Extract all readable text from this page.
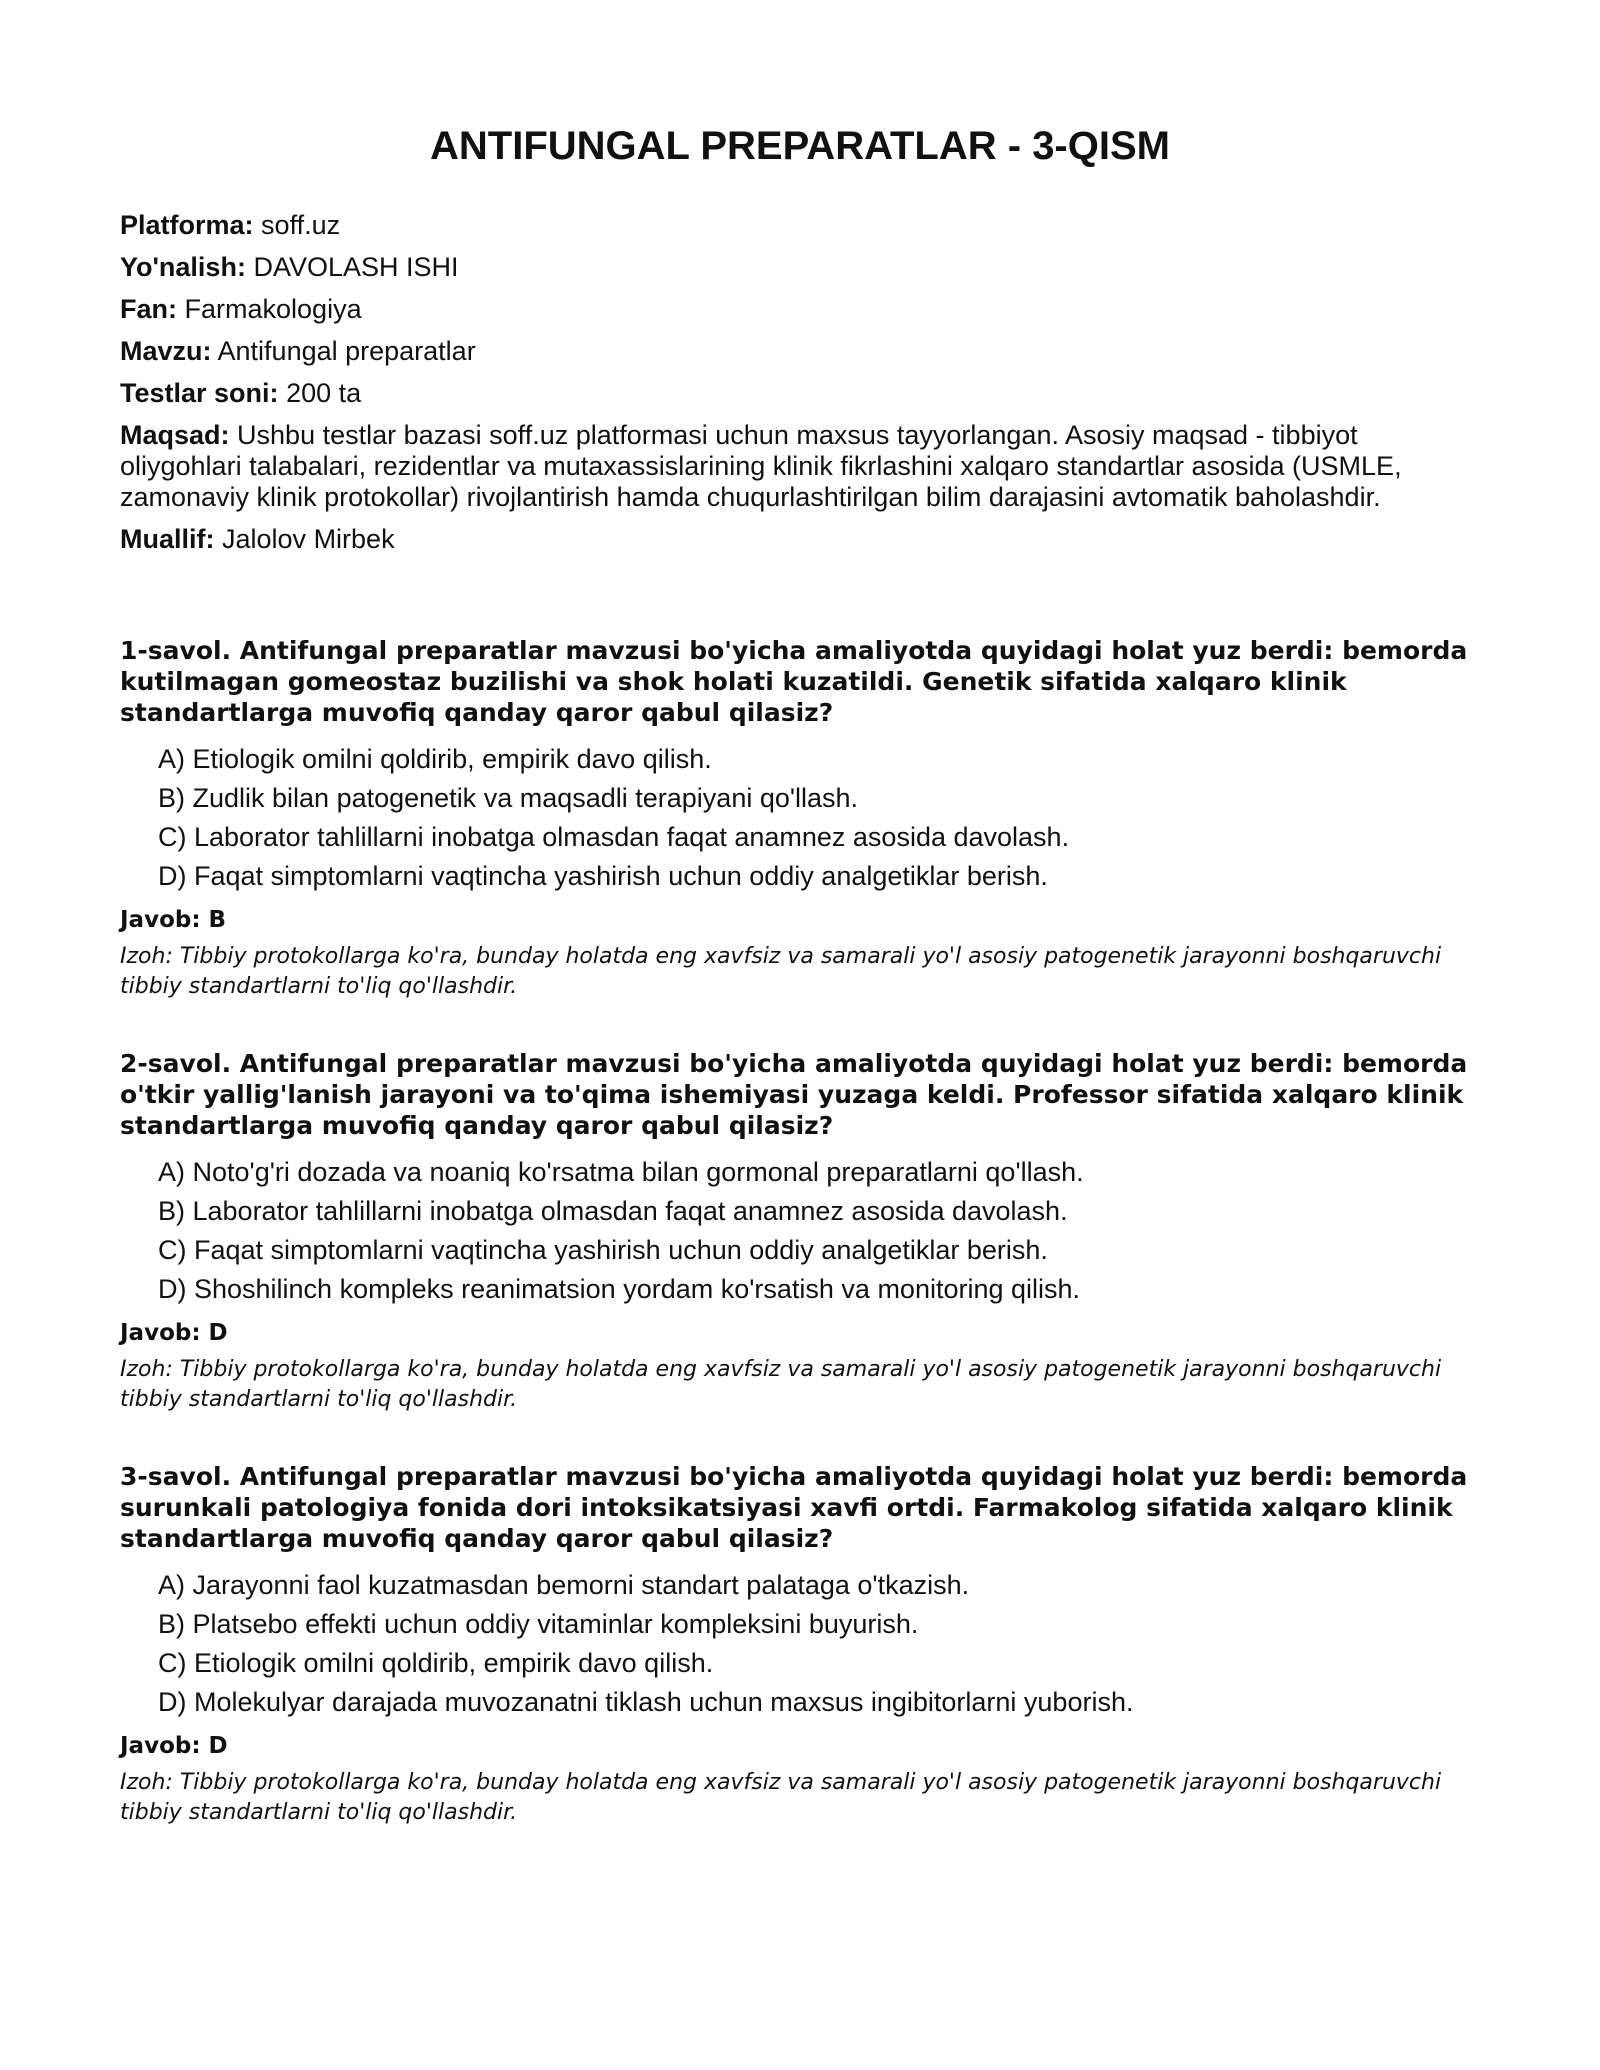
ANTIFUNGAL PREPARATLAR - 3-QISM

Platforma: soff.uz

Yo'nalish: DAVOLASH ISHI

Fan: Farmakologiya

Mavzu: Antifungal preparatlar

Testlar soni: 200 ta

Maqsad: Ushbu testlar bazasi soff.uz platformasi uchun maxsus tayyorlangan. Asosiy maqsad - tibbiyot oliygohlari talabalari, rezidentlar va mutaxassislarining klinik fikrlashini xalqaro standartlar asosida (USMLE, zamonaviy klinik protokollar) rivojlantirish hamda chuqurlashtirilgan bilim darajasini avtomatik baholashdir.

Muallif: Jalolov Mirbek

1-savol. Antifungal preparatlar mavzusi bo'yicha amaliyotda quyidagi holat yuz berdi: bemorda kutilmagan gomeostaz buzilishi va shok holati kuzatildi. Genetik sifatida xalqaro klinik standartlarga muvofiq qanday qaror qabul qilasiz?

A) Etiologik omilni qoldirib, empirik davo qilish.
B) Zudlik bilan patogenetik va maqsadli terapiyani qo'llash.
C) Laborator tahlillarni inobatga olmasdan faqat anamnez asosida davolash.
D) Faqat simptomlarni vaqtincha yashirish uchun oddiy analgetiklar berish.

Javob: B

Izoh: Tibbiy protokollarga ko'ra, bunday holatda eng xavfsiz va samarali yo'l asosiy patogenetik jarayonni boshqaruvchi tibbiy standartlarni to'liq qo'llashdir.

2-savol. Antifungal preparatlar mavzusi bo'yicha amaliyotda quyidagi holat yuz berdi: bemorda o'tkir yallig'lanish jarayoni va to'qima ishemiyasi yuzaga keldi. Professor sifatida xalqaro klinik standartlarga muvofiq qanday qaror qabul qilasiz?

A) Noto'g'ri dozada va noaniq ko'rsatma bilan gormonal preparatlarni qo'llash.
B) Laborator tahlillarni inobatga olmasdan faqat anamnez asosida davolash.
C) Faqat simptomlarni vaqtincha yashirish uchun oddiy analgetiklar berish.
D) Shoshilinch kompleks reanimatsion yordam ko'rsatish va monitoring qilish.

Javob: D

Izoh: Tibbiy protokollarga ko'ra, bunday holatda eng xavfsiz va samarali yo'l asosiy patogenetik jarayonni boshqaruvchi tibbiy standartlarni to'liq qo'llashdir.

3-savol. Antifungal preparatlar mavzusi bo'yicha amaliyotda quyidagi holat yuz berdi: bemorda surunkali patologiya fonida dori intoksikatsiyasi xavfi ortdi. Farmakolog sifatida xalqaro klinik standartlarga muvofiq qanday qaror qabul qilasiz?

A) Jarayonni faol kuzatmasdan bemorni standart palataga o'tkazish.
B) Platsebo effekti uchun oddiy vitaminlar kompleksini buyurish.
C) Etiologik omilni qoldirib, empirik davo qilish.
D) Molekulyar darajada muvozanatni tiklash uchun maxsus ingibitorlarni yuborish.

Javob: D

Izoh: Tibbiy protokollarga ko'ra, bunday holatda eng xavfsiz va samarali yo'l asosiy patogenetik jarayonni boshqaruvchi tibbiy standartlarni to'liq qo'llashdir.
